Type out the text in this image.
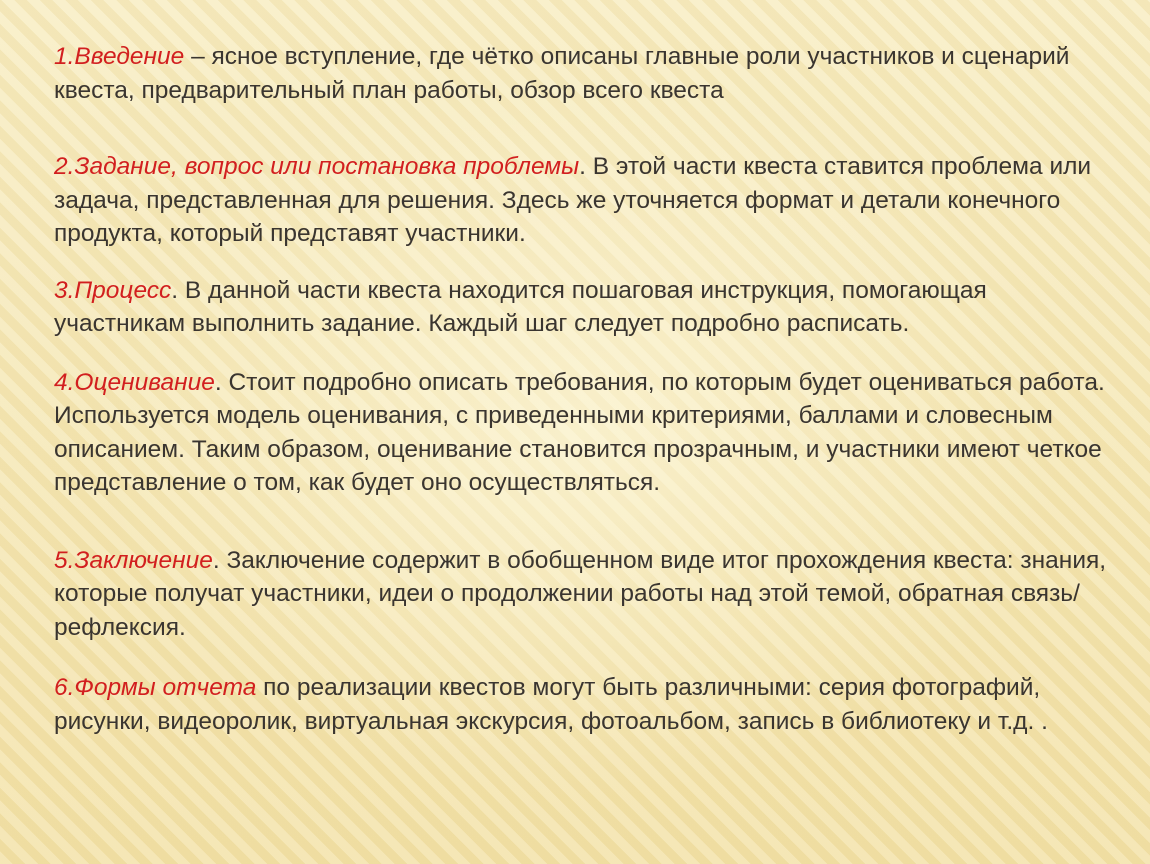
1.Введение – ясное вступление, где чётко описаны главные роли участников и сценарий квеста, предварительный план работы, обзор всего квеста

2.Задание, вопрос или постановка проблемы. В этой части квеста ставится проблема или задача, представленная для решения. Здесь же уточняется формат и детали конечного продукта, который представят участники.

3.Процесс. В данной части квеста находится пошаговая инструкция, помогающая участникам выполнить задание. Каждый шаг следует подробно расписать.

4.Оценивание. Стоит подробно описать требования, по которым будет оцениваться работа. Используется модель оценивания, с приведенными критериями, баллами и словесным описанием. Таким образом, оценивание становится прозрачным, и участники имеют четкое представление о том, как будет оно осуществляться.

5.Заключение. Заключение содержит в обобщенном виде итог прохождения квеста: знания, которые получат участники, идеи о продолжении работы над этой темой, обратная связь/рефлексия.

6.Формы отчета по реализации квестов могут быть различными: серия фотографий, рисунки, видеоролик, виртуальная экскурсия, фотоальбом, запись в библиотеку и т.д. .
